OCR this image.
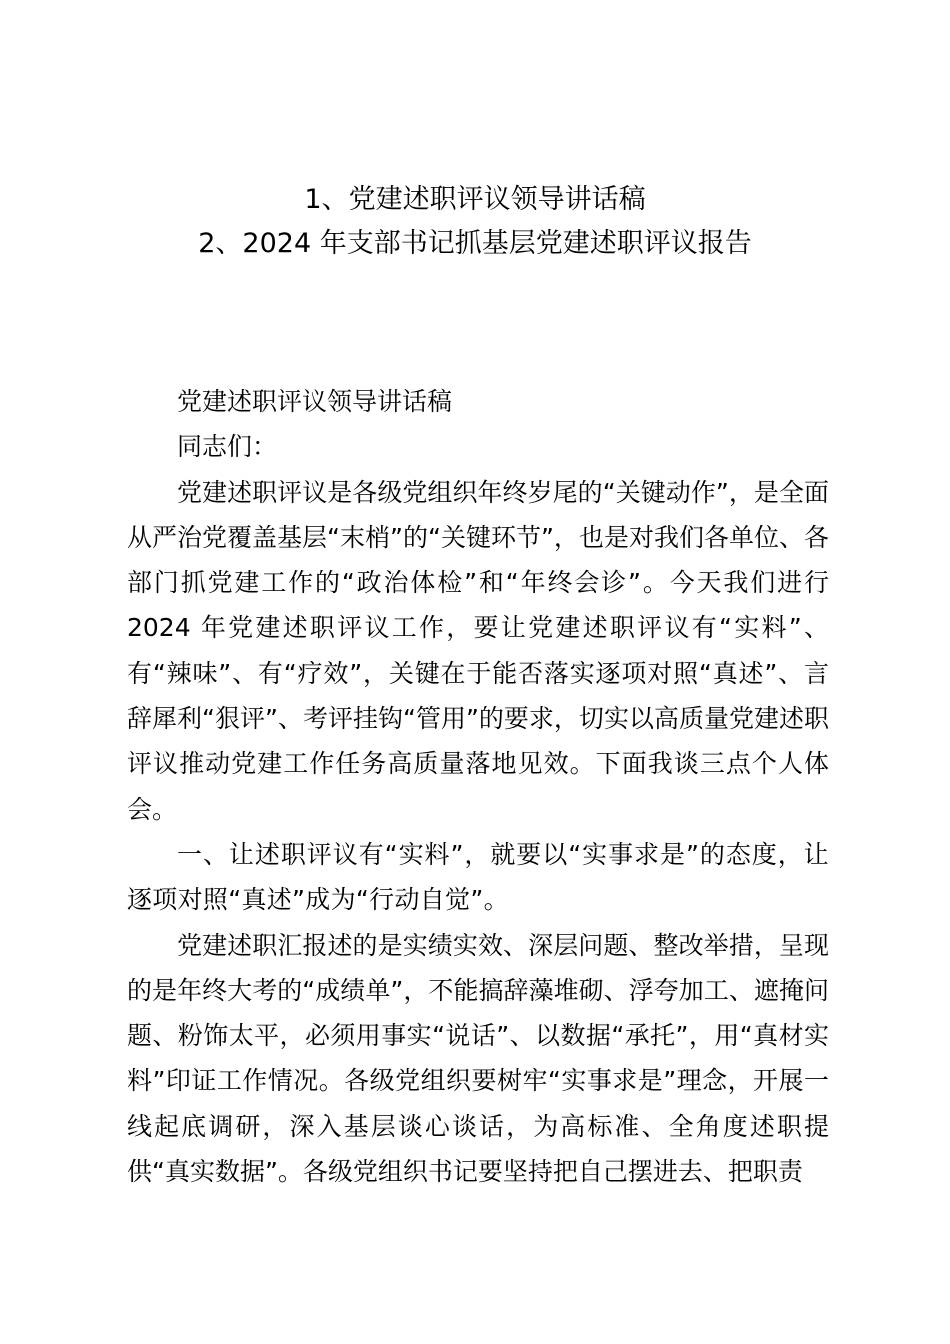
1、党建述职评议领导讲话稿
2、2024 年支部书记抓基层党建述职评议报告

党建述职评议领导讲话稿

同志们：

党建述职评议是各级党组织年终岁尾的“关键动作”，是全面从严治党覆盖基层“末梢”的“关键环节”，也是对我们各单位、各部门抓党建工作的“政治体检”和“年终会诊”。今天我们进行 2024 年党建述职评议工作，要让党建述职评议有“实料”、有“辣味”、有“疗效”，关键在于能否落实逐项对照“真述”、言辞犀利“狠评”、考评挂钩“管用”的要求，切实以高质量党建述职评议推动党建工作任务高质量落地见效。下面我谈三点个人体会。

一、让述职评议有“实料”，就要以“实事求是”的态度，让逐项对照“真述”成为“行动自觉”。

党建述职汇报述的是实绩实效、深层问题、整改举措，呈现的是年终大考的“成绩单”，不能搞辞藻堆砌、浮夸加工、遮掩问题、粉饰太平，必须用事实“说话”、以数据“承托”，用“真材实料”印证工作情况。各级党组织要树牢“实事求是”理念，开展一线起底调研，深入基层谈心谈话，为高标准、全角度述职提供“真实数据”。各级党组织书记要坚持把自己摆进去、把职责
